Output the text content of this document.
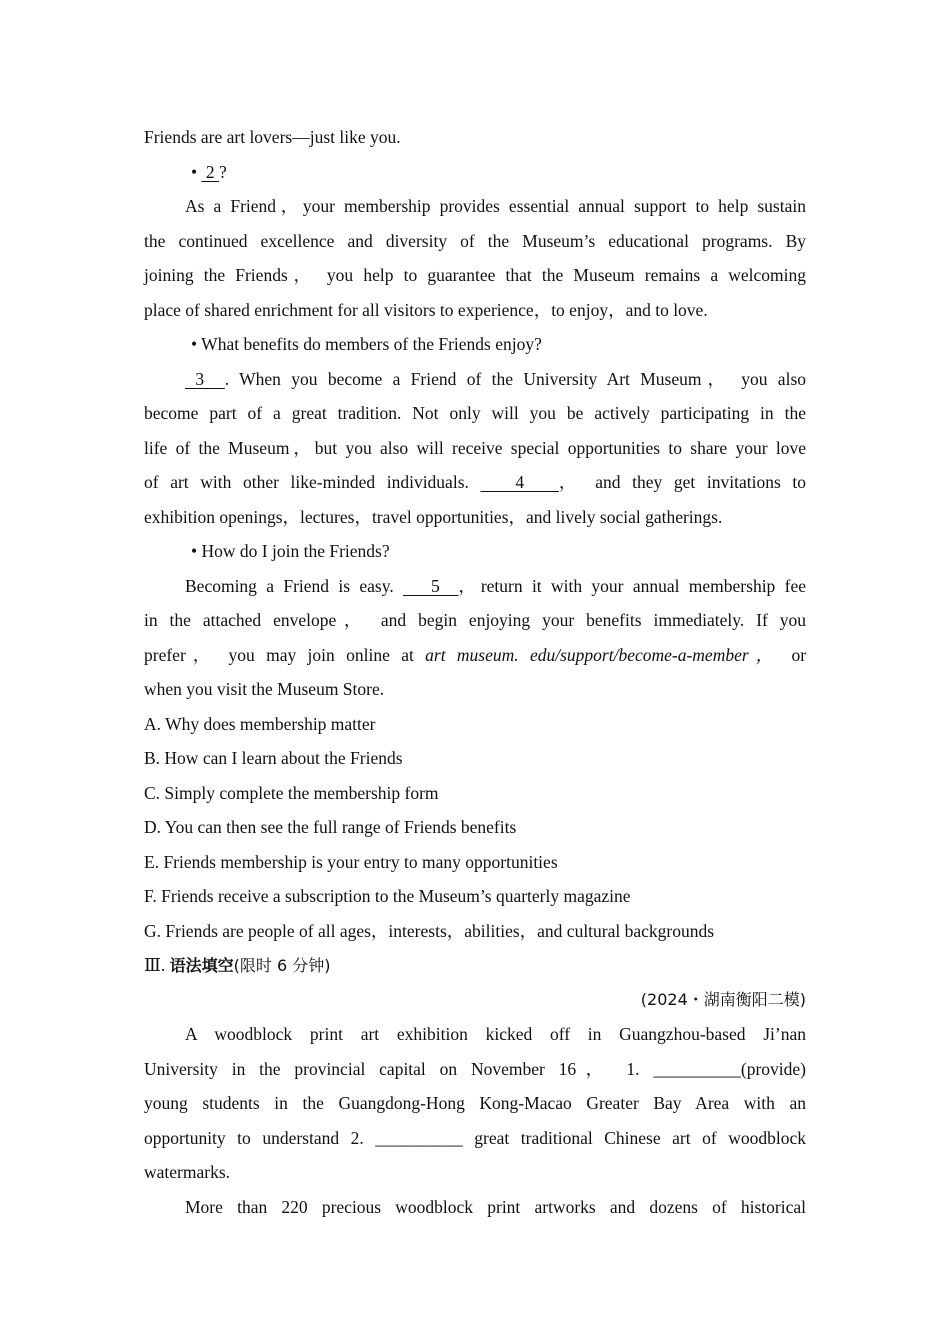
Friends are art lovers—just like you.
•  2 ?
As a Friend，your membership provides essential annual support to help sustain
the continued excellence and diversity of the Museum’s educational programs. By
joining the Friends， you help to guarantee that the Museum remains a welcoming
place of shared enrichment for all visitors to experience，to enjoy，and to love.
• What benefits do members of the Friends enjoy?
3  . When you become a Friend of the University Art Museum， you also
become part of a great tradition. Not only will you be actively participating in the
life of the Museum，but you also will receive special opportunities to share your love
of art with other like-minded individuals.    4   ， and they get invitations to
exhibition openings，lectures，travel opportunities，and lively social gatherings.
• How do I join the Friends?
Becoming a Friend is easy.    5  ，return it with your annual membership fee
in the attached envelope， and begin enjoying your benefits immediately. If you
prefer， you may join online at art museum. edu/support/become-a-member， or
when you visit the Museum Store.
A. Why does membership matter
B. How can I learn about the Friends
C. Simply complete the membership form
D. You can then see the full range of Friends benefits
E. Friends membership is your entry to many opportunities
F. Friends receive a subscription to the Museum’s quarterly magazine
G. Friends are people of all ages，interests，abilities，and cultural backgrounds
Ⅲ. 语法填空(限时 6 分钟)
(2024・湖南衡阳二模)
A woodblock print art exhibition kicked off in Guangzhou-based Ji’nan
University in the provincial capital on November 16， 1. __________(provide)
young students in the Guangdong-Hong Kong-Macao Greater Bay Area with an
opportunity to understand 2. __________ great traditional Chinese art of woodblock
watermarks.
More than 220 precious woodblock print artworks and dozens of historical
